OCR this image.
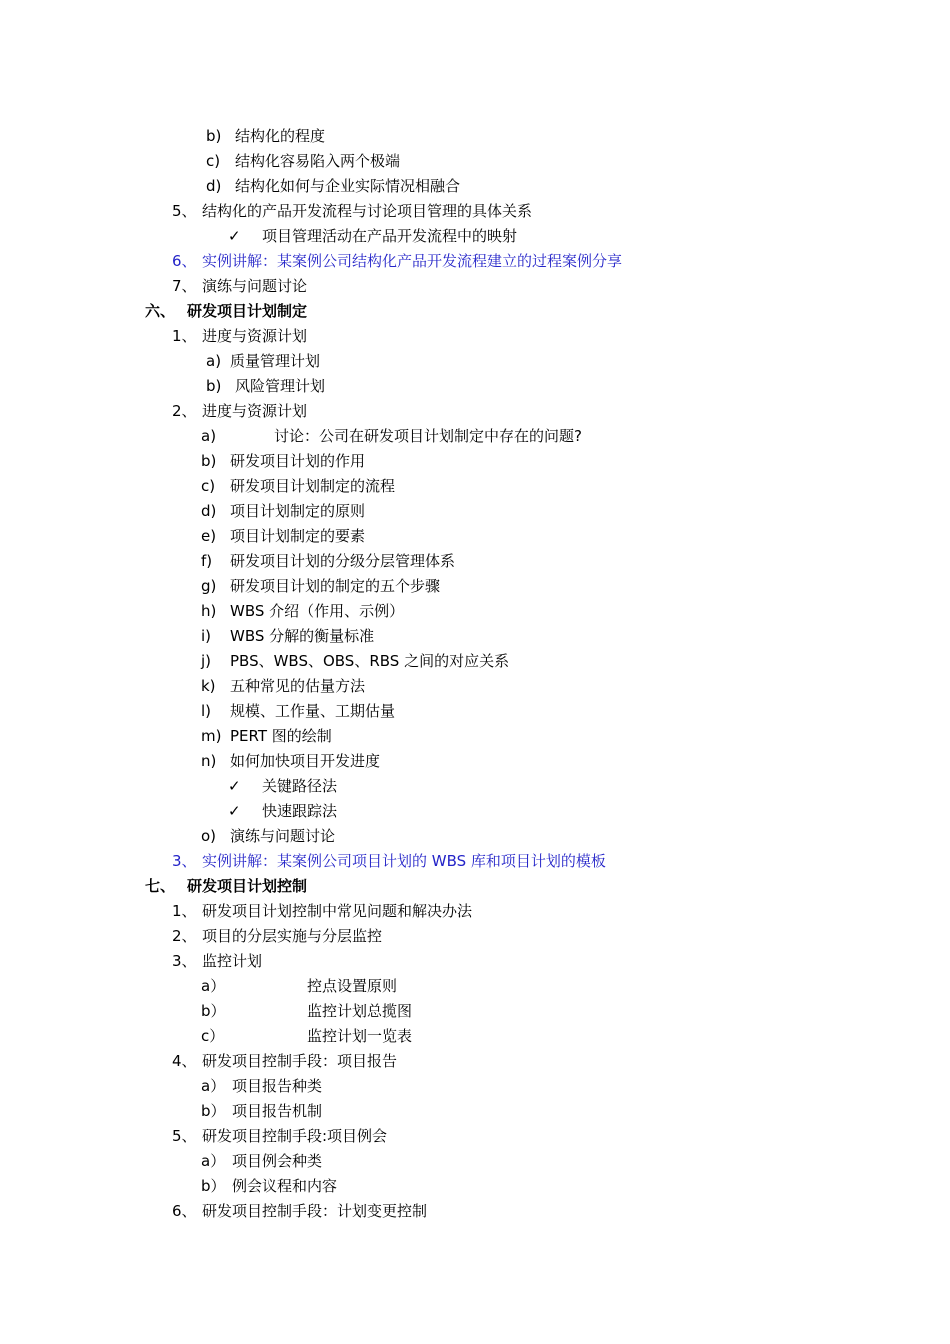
b) 结构化的程度
c) 结构化容易陷入两个极端
d) 结构化如何与企业实际情况相融合
5、 结构化的产品开发流程与讨论项目管理的具体关系
✓ 项目管理活动在产品开发流程中的映射
6、 实例讲解：某案例公司结构化产品开发流程建立的过程案例分享
7、 演练与问题讨论
六、 研发项目计划制定
1、 进度与资源计划
a) 质量管理计划
b) 风险管理计划
2、 进度与资源计划
a)	讨论：公司在研发项目计划制定中存在的问题?
b) 研发项目计划的作用
c) 研发项目计划制定的流程
d) 项目计划制定的原则
e) 项目计划制定的要素
f) 研发项目计划的分级分层管理体系
g) 研发项目计划的制定的五个步骤
h) WBS 介绍（作用、示例）
i) WBS 分解的衡量标准
j) PBS、WBS、OBS、RBS 之间的对应关系
k) 五种常见的估量方法
l) 规模、工作量、工期估量
m) PERT 图的绘制
n) 如何加快项目开发进度
✓ 关键路径法
✓ 快速跟踪法
o) 演练与问题讨论
3、 实例讲解：某案例公司项目计划的 WBS 库和项目计划的模板
七、 研发项目计划控制
1、 研发项目计划控制中常见问题和解决办法
2、 项目的分层实施与分层监控
3、 监控计划
a）	控点设置原则
b）	监控计划总揽图
c）	监控计划一览表
4、 研发项目控制手段：项目报告
a） 项目报告种类
b） 项目报告机制
5、 研发项目控制手段:项目例会
a） 项目例会种类
b） 例会议程和内容
6、 研发项目控制手段：计划变更控制
